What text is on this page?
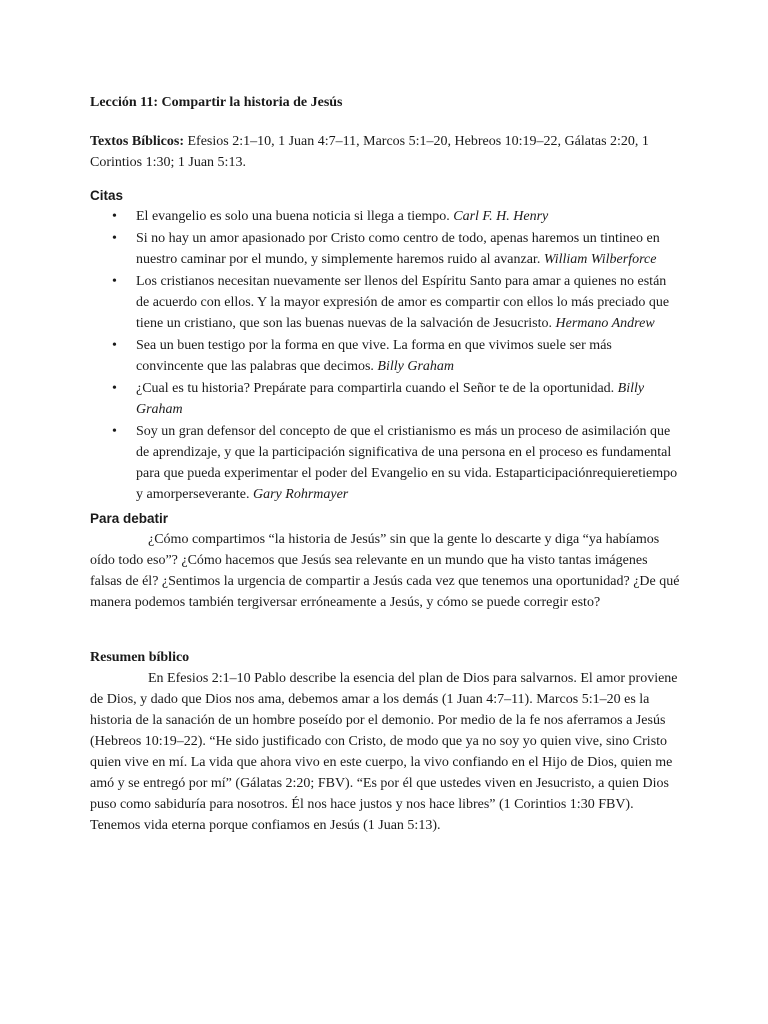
Lección 11: Compartir la historia de Jesús

Textos Bíblicos: Efesios 2:1–10, 1 Juan 4:7–11, Marcos 5:1–20, Hebreos 10:19–22, Gálatas 2:20, 1 Corintios 1:30; 1 Juan 5:13.

Citas

• El evangelio es solo una buena noticia si llega a tiempo. Carl F. H. Henry
• Si no hay un amor apasionado por Cristo como centro de todo, apenas haremos un tintineo en nuestro caminar por el mundo, y simplemente haremos ruido al avanzar. William Wilberforce
• Los cristianos necesitan nuevamente ser llenos del Espíritu Santo para amar a quienes no están de acuerdo con ellos. Y la mayor expresión de amor es compartir con ellos lo más preciado que tiene un cristiano, que son las buenas nuevas de la salvación de Jesucristo. Hermano Andrew
• Sea un buen testigo por la forma en que vive. La forma en que vivimos suele ser más convincente que las palabras que decimos. Billy Graham
• ¿Cual es tu historia? Prepárate para compartirla cuando el Señor te de la oportunidad. Billy Graham
• Soy un gran defensor del concepto de que el cristianismo es más un proceso de asimilación que de aprendizaje, y que la participación significativa de una persona en el proceso es fundamental para que pueda experimentar el poder del Evangelio en su vida. Estaparticipaciónrequieretiempo y amorperseverante. Gary Rohrmayer

Para debatir

¿Cómo compartimos “la historia de Jesús” sin que la gente lo descarte y diga “ya habíamos oído todo eso”? ¿Cómo hacemos que Jesús sea relevante en un mundo que ha visto tantas imágenes falsas de él? ¿Sentimos la urgencia de compartir a Jesús cada vez que tenemos una oportunidad? ¿De qué manera podemos también tergiversar erróneamente a Jesús, y cómo se puede corregir esto?

Resumen bíblico

En Efesios 2:1–10 Pablo describe la esencia del plan de Dios para salvarnos. El amor proviene de Dios, y dado que Dios nos ama, debemos amar a los demás (1 Juan 4:7–11). Marcos 5:1–20 es la historia de la sanación de un hombre poseído por el demonio. Por medio de la fe nos aferramos a Jesús (Hebreos 10:19–22). “He sido justificado con Cristo, de modo que ya no soy yo quien vive, sino Cristo quien vive en mí. La vida que ahora vivo en este cuerpo, la vivo confiando en el Hijo de Dios, quien me amó y se entregó por mí” (Gálatas 2:20; FBV). “Es por él que ustedes viven en Jesucristo, a quien Dios puso como sabiduría para nosotros. Él nos hace justos y nos hace libres” (1 Corintios 1:30 FBV). Tenemos vida eterna porque confiamos en Jesús (1 Juan 5:13).
